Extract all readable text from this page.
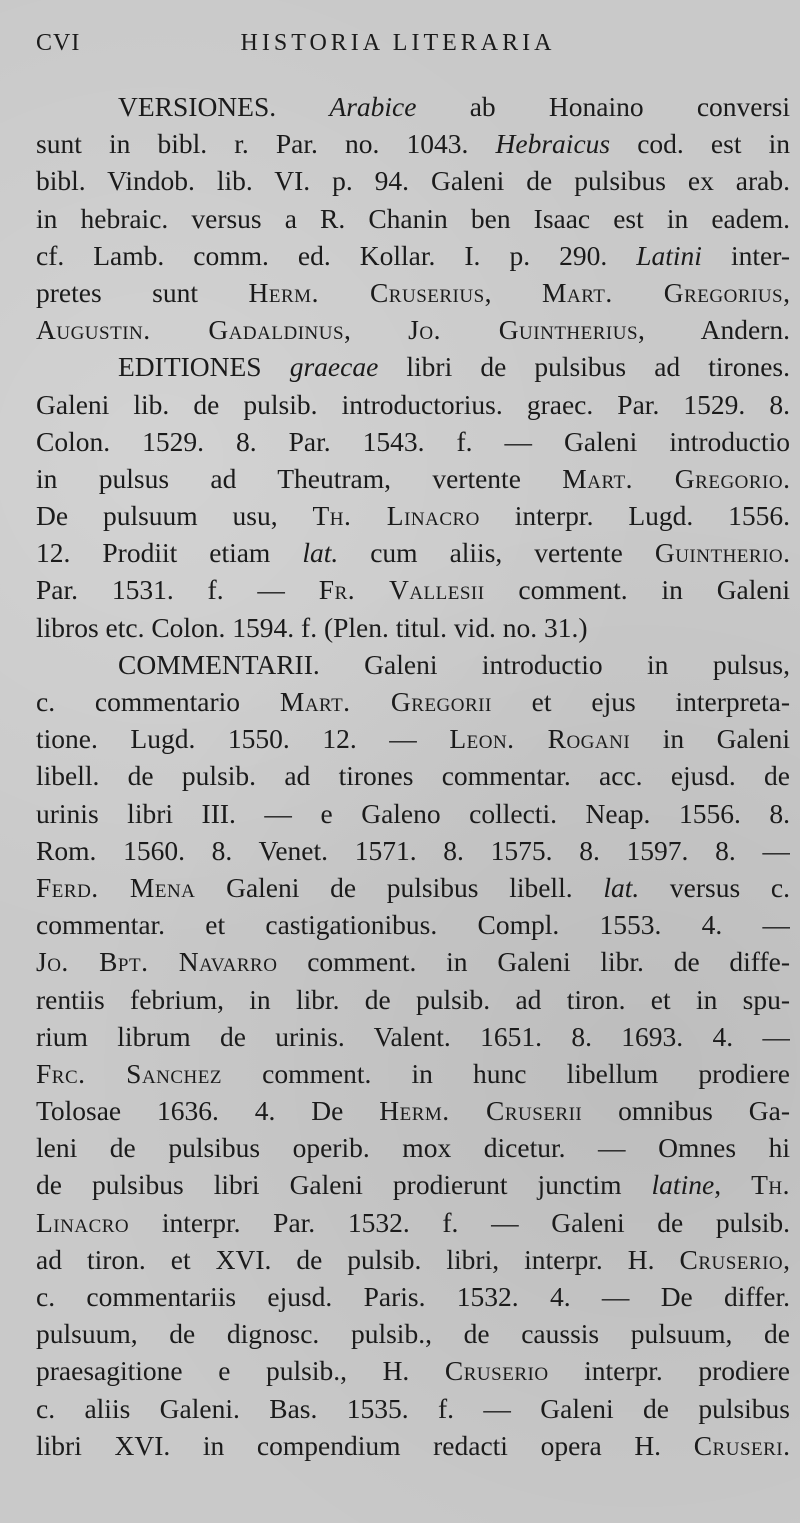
CVI	HISTORIA LITERARIA
VERSIONES. Arabice ab Honaino conversi
sunt in bibl. r. Par. no. 1043. Hebraicus cod. est in
bibl. Vindob. lib. VI. p. 94. Galeni de pulsibus ex arab.
in hebraic. versus a R. Chanin ben Isaac est in eadem.
cf. Lamb. comm. ed. Kollar. I. p. 290. Latini inter-
pretes sunt Herm. Cruserius, Mart. Gregorius,
Augustin. Gadaldinus, Jo. Guintherius, Andern.
EDITIONES graecae libri de pulsibus ad tirones.
Galeni lib. de pulsib. introductorius. graec. Par. 1529. 8.
Colon. 1529. 8. Par. 1543. f. — Galeni introductio
in pulsus ad Theutram, vertente Mart. Gregorio.
De pulsuum usu, Th. Linacro interpr. Lugd. 1556.
12. Prodiit etiam lat. cum aliis, vertente Guintherio.
Par. 1531. f. — Fr. Vallesii comment. in Galeni
libros etc. Colon. 1594. f. (Plen. titul. vid. no. 31.)
COMMENTARII. Galeni introductio in pulsus,
c. commentario Mart. Gregorii et ejus interpreta-
tione. Lugd. 1550. 12. — Leon. Rogani in Galeni
libell. de pulsib. ad tirones commentar. acc. ejusd. de
urinis libri III. — e Galeno collecti. Neap. 1556. 8.
Rom. 1560. 8. Venet. 1571. 8. 1575. 8. 1597. 8. —
Ferd. Mena Galeni de pulsibus libell. lat. versus c.
commentar. et castigationibus. Compl. 1553. 4. —
Jo. Bpt. Navarro comment. in Galeni libr. de diffe-
rentiis febrium, in libr. de pulsib. ad tiron. et in spu-
rium librum de urinis. Valent. 1651. 8. 1693. 4. —
Frc. Sanchez comment. in hunc libellum prodiere
Tolosae 1636. 4. De Herm. Cruserii omnibus Ga-
leni de pulsibus operib. mox dicetur. — Omnes hi
de pulsibus libri Galeni prodierunt junctim latine, Th.
Linacro interpr. Par. 1532. f. — Galeni de pulsib.
ad tiron. et XVI. de pulsib. libri, interpr. H. Cruserio,
c. commentariis ejusd. Paris. 1532. 4. — De differ.
pulsuum, de dignosc. pulsib., de caussis pulsuum, de
praesagitione e pulsib., H. Cruserio interpr. prodiere
c. aliis Galeni. Bas. 1535. f. — Galeni de pulsibus
libri XVI. in compendium redacti opera H. Cruseri.
